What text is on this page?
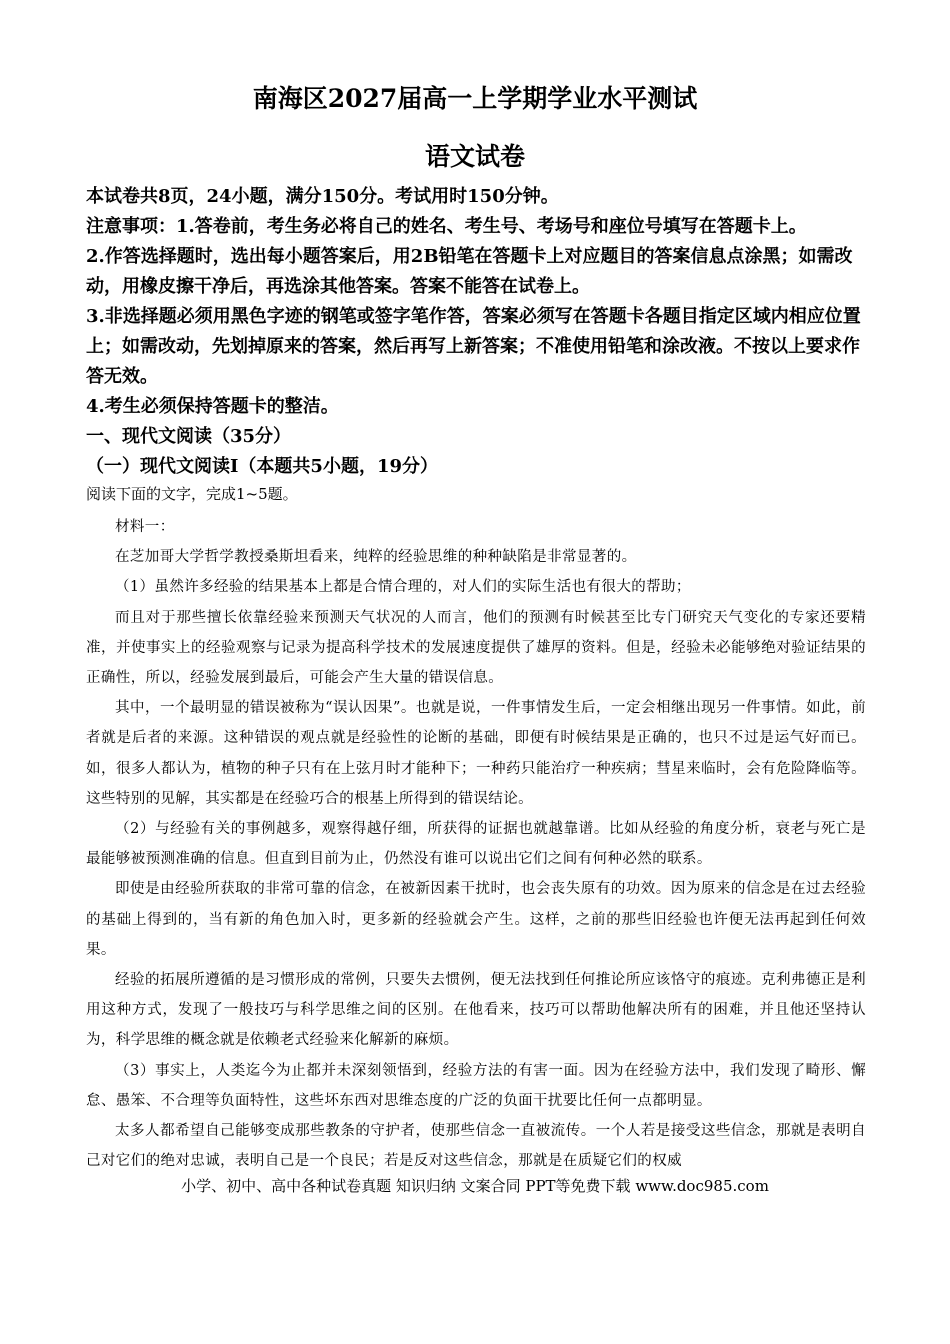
南海区2027届高一上学期学业水平测试
语文试卷

本试卷共8页，24小题，满分150分。考试用时150分钟。

注意事项：1.答卷前，考生务必将自己的姓名、考生号、考场号和座位号填写在答题卡上。

2.作答选择题时，选出每小题答案后，用2B铅笔在答题卡上对应题目的答案信息点涂黑；如需改动，用橡皮擦干净后，再选涂其他答案。答案不能答在试卷上。

3.非选择题必须用黑色字迹的钢笔或签字笔作答，答案必须写在答题卡各题目指定区域内相应位置上；如需改动，先划掉原来的答案，然后再写上新答案；不准使用铅笔和涂改液。不按以上要求作答无效。

4.考生必须保持答题卡的整洁。

一、现代文阅读（35分）
（一）现代文阅读Ⅰ（本题共5小题，19分）
阅读下面的文字，完成1~5题。

材料一：

在芝加哥大学哲学教授桑斯坦看来，纯粹的经验思维的种种缺陷是非常显著的。

（1）虽然许多经验的结果基本上都是合情合理的，对人们的实际生活也有很大的帮助；

而且对于那些擅长依靠经验来预测天气状况的人而言，他们的预测有时候甚至比专门研究天气变化的专家还要精准，并使事实上的经验观察与记录为提高科学技术的发展速度提供了雄厚的资料。但是，经验未必能够绝对验证结果的正确性，所以，经验发展到最后，可能会产生大量的错误信息。

其中，一个最明显的错误被称为“误认因果”。也就是说，一件事情发生后，一定会相继出现另一件事情。如此，前者就是后者的来源。这种错误的观点就是经验性的论断的基础，即便有时候结果是正确的，也只不过是运气好而已。如，很多人都认为，植物的种子只有在上弦月时才能种下；一种药只能治疗一种疾病；彗星来临时，会有危险降临等。这些特别的见解，其实都是在经验巧合的根基上所得到的错误结论。

（2）与经验有关的事例越多，观察得越仔细，所获得的证据也就越靠谱。比如从经验的角度分析，衰老与死亡是最能够被预测准确的信息。但直到目前为止，仍然没有谁可以说出它们之间有何种必然的联系。

即使是由经验所获取的非常可靠的信念，在被新因素干扰时，也会丧失原有的功效。因为原来的信念是在过去经验的基础上得到的，当有新的角色加入时，更多新的经验就会产生。这样，之前的那些旧经验也许便无法再起到任何效果。

经验的拓展所遵循的是习惯形成的常例，只要失去惯例，便无法找到任何推论所应该恪守的痕迹。克利弗德正是利用这种方式，发现了一般技巧与科学思维之间的区别。在他看来，技巧可以帮助他解决所有的困难，并且他还坚持认为，科学思维的概念就是依赖老式经验来化解新的麻烦。

（3）事实上，人类迄今为止都并未深刻领悟到，经验方法的有害一面。因为在经验方法中，我们发现了畸形、懈怠、愚笨、不合理等负面特性，这些坏东西对思维态度的广泛的负面干扰要比任何一点都明显。

太多人都希望自己能够变成那些教条的守护者，使那些信念一直被流传。一个人若是接受这些信念，那就是表明自己对它们的绝对忠诚，表明自己是一个良民；若是反对这些信念，那就是在质疑它们的权威

小学、初中、高中各种试卷真题 知识归纳 文案合同 PPT等免费下载 www.doc985.com
